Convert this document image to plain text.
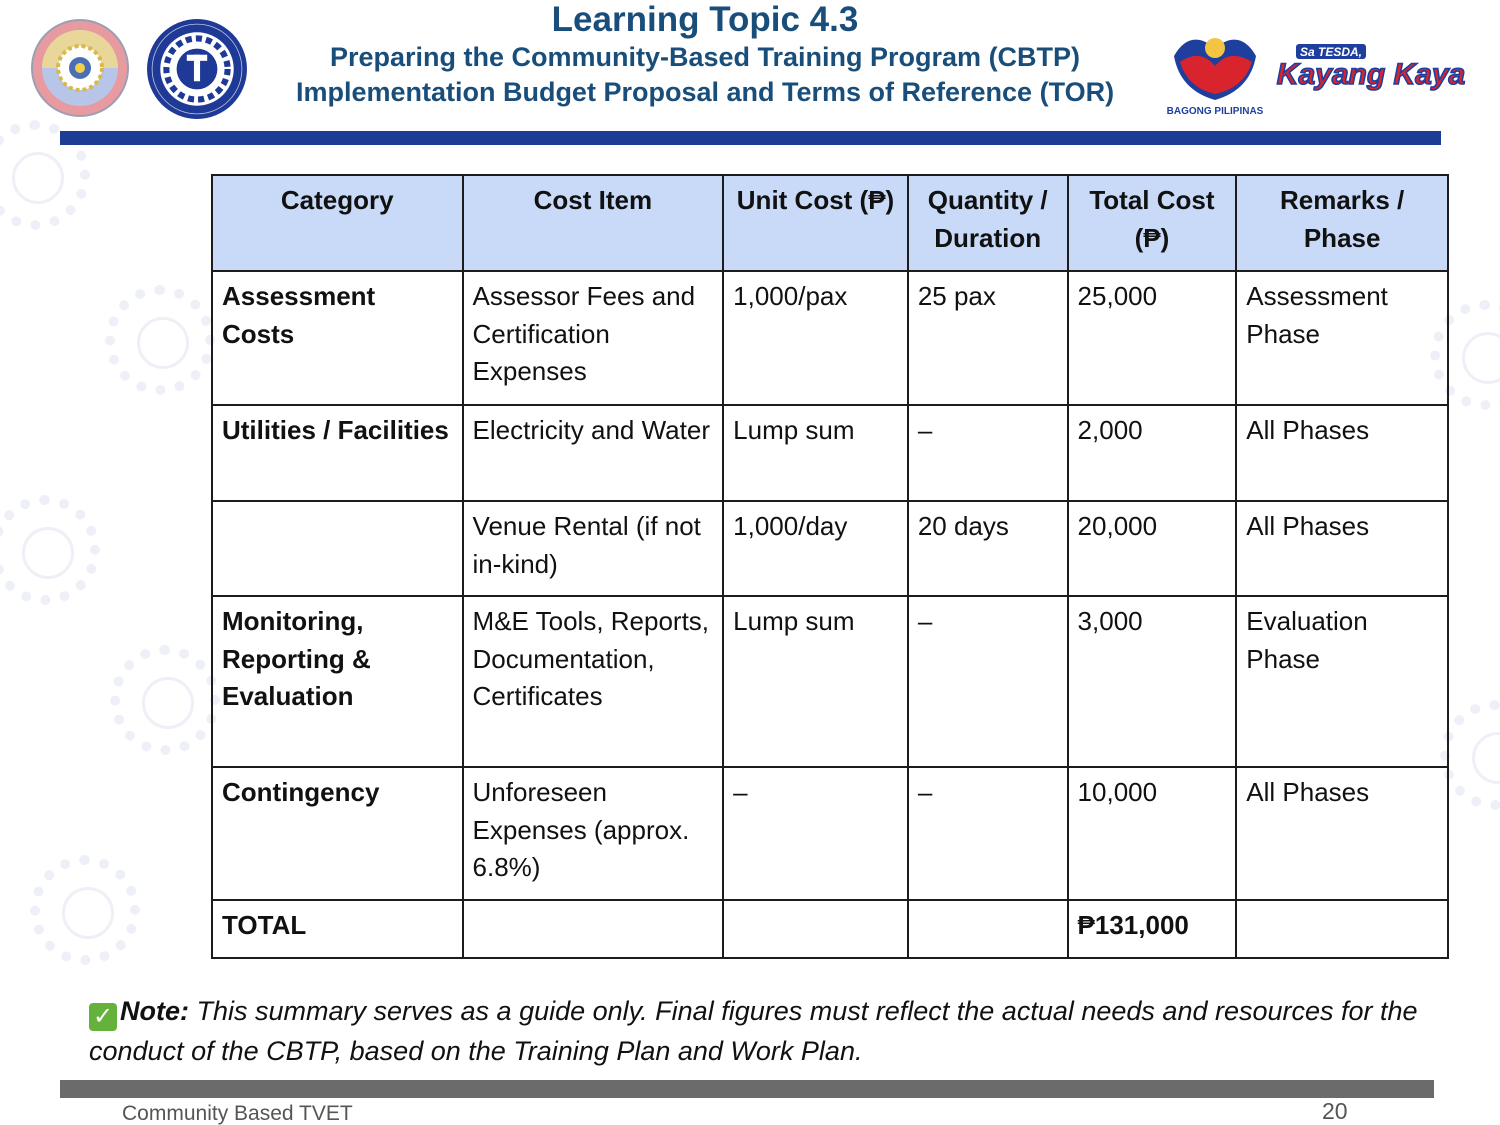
BAGONG PILIPINAS
Sa TESDA,
Kayang Kaya
Learning Topic 4.3
Preparing the Community-Based Training Program (CBTP)
Implementation Budget Proposal and Terms of Reference (TOR)
Category	Cost Item	Unit Cost (₱)	Quantity / Duration	Total Cost (₱)	Remarks / Phase
Assessment Costs	Assessor Fees and Certification Expenses	1,000/pax	25 pax	25,000	Assessment Phase
Utilities / Facilities	Electricity and Water	Lump sum	–	2,000	All Phases
	Venue Rental (if not in-kind)	1,000/day	20 days	20,000	All Phases
Monitoring, Reporting & Evaluation	M&E Tools, Reports, Documentation, Certificates	Lump sum	–	3,000	Evaluation Phase
Contingency	Unforeseen Expenses (approx. 6.8%)	–	–	10,000	All Phases
TOTAL				₱131,000	
✓ Note: This summary serves as a guide only. Final figures must reflect the actual needs and resources for the conduct of the CBTP, based on the Training Plan and Work Plan.
Community Based TVET	20
